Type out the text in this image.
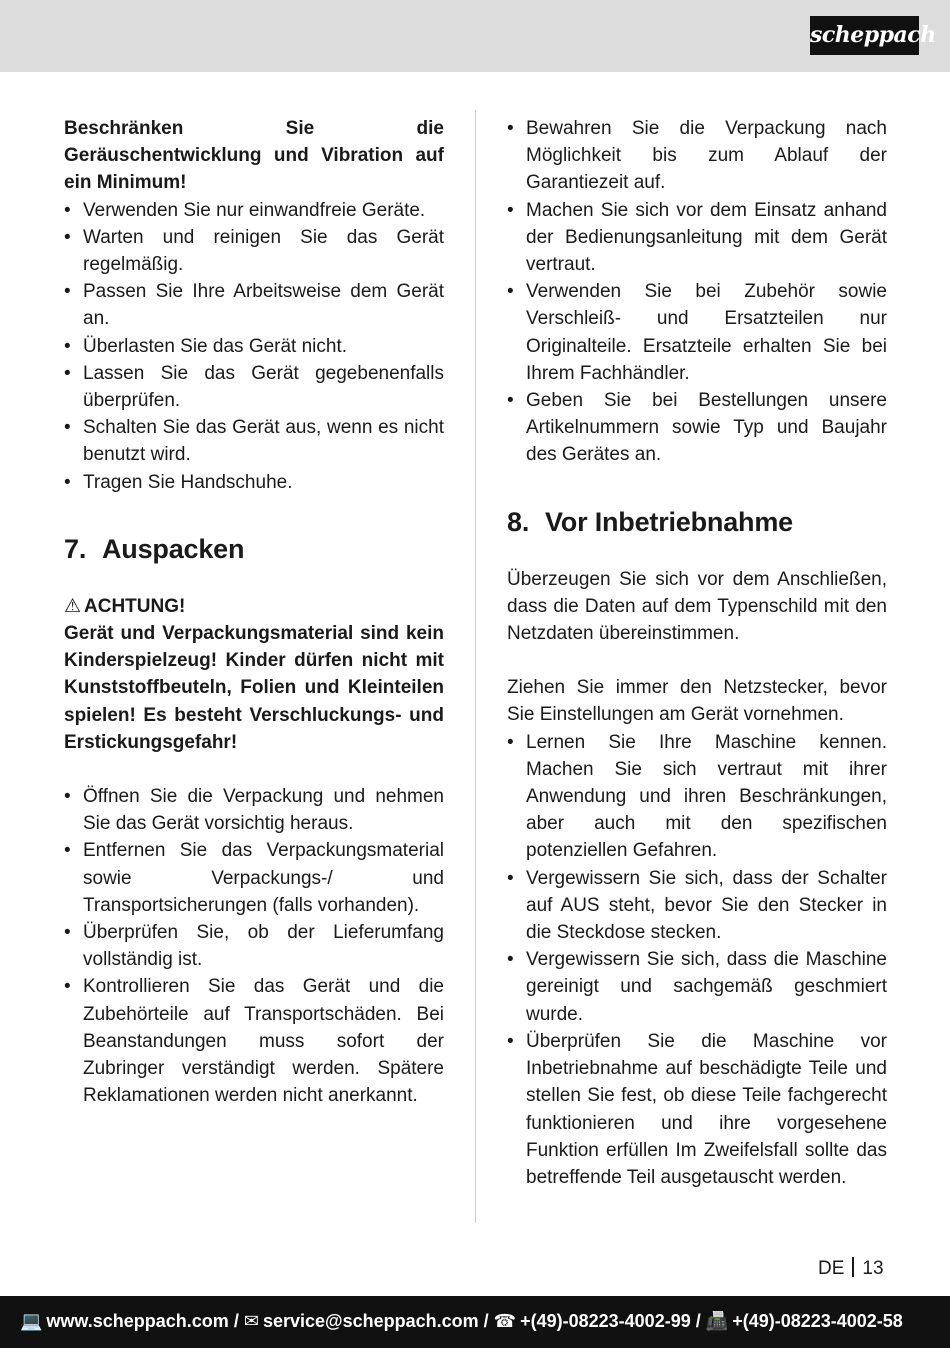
scheppach

Beschränken Sie die Geräuschentwicklung und Vibration auf ein Minimum!

• Verwenden Sie nur einwandfreie Geräte.
• Warten und reinigen Sie das Gerät regelmäßig.
• Passen Sie Ihre Arbeitsweise dem Gerät an.
• Überlasten Sie das Gerät nicht.
• Lassen Sie das Gerät gegebenenfalls überprüfen.
• Schalten Sie das Gerät aus, wenn es nicht benutzt wird.
• Tragen Sie Handschuhe.
7. Auspacken

⚠ ACHTUNG!

Gerät und Verpackungsmaterial sind kein Kinderspielzeug! Kinder dürfen nicht mit Kunststoffbeuteln, Folien und Kleinteilen spielen! Es besteht Verschluckungs- und Erstickungsgefahr!

• Öffnen Sie die Verpackung und nehmen Sie das Gerät vorsichtig heraus.
• Entfernen Sie das Verpackungsmaterial sowie Verpackungs-/ und Transportsicherungen (falls vorhanden).
• Überprüfen Sie, ob der Lieferumfang vollständig ist.
• Kontrollieren Sie das Gerät und die Zubehörteile auf Transportschäden. Bei Beanstandungen muss sofort der Zubringer verständigt werden. Spätere Reklamationen werden nicht anerkannt.
• Bewahren Sie die Verpackung nach Möglichkeit bis zum Ablauf der Garantiezeit auf.
• Machen Sie sich vor dem Einsatz anhand der Bedienungsanleitung mit dem Gerät vertraut.
• Verwenden Sie bei Zubehör sowie Verschleiß- und Ersatzteilen nur Originalteile. Ersatzteile erhalten Sie bei Ihrem Fachhändler.
• Geben Sie bei Bestellungen unsere Artikelnummern sowie Typ und Baujahr des Gerätes an.
8. Vor Inbetriebnahme

Überzeugen Sie sich vor dem Anschließen, dass die Daten auf dem Typenschild mit den Netzdaten übereinstimmen.

Ziehen Sie immer den Netzstecker, bevor Sie Einstellungen am Gerät vornehmen.

• Lernen Sie Ihre Maschine kennen. Machen Sie sich vertraut mit ihrer Anwendung und ihren Beschränkungen, aber auch mit den spezifischen potenziellen Gefahren.
• Vergewissern Sie sich, dass der Schalter auf AUS steht, bevor Sie den Stecker in die Steckdose stecken.
• Vergewissern Sie sich, dass die Maschine gereinigt und sachgemäß geschmiert wurde.
• Überprüfen Sie die Maschine vor Inbetriebnahme auf beschädigte Teile und stellen Sie fest, ob diese Teile fachgerecht funktionieren und ihre vorgesehene Funktion erfüllen Im Zweifelsfall sollte das betreffende Teil ausgetauscht werden.
DE 13
💻 www.scheppach.com / ✉ service@scheppach.com / ☎ +(49)-08223-4002-99 / 📠 +(49)-08223-4002-58
